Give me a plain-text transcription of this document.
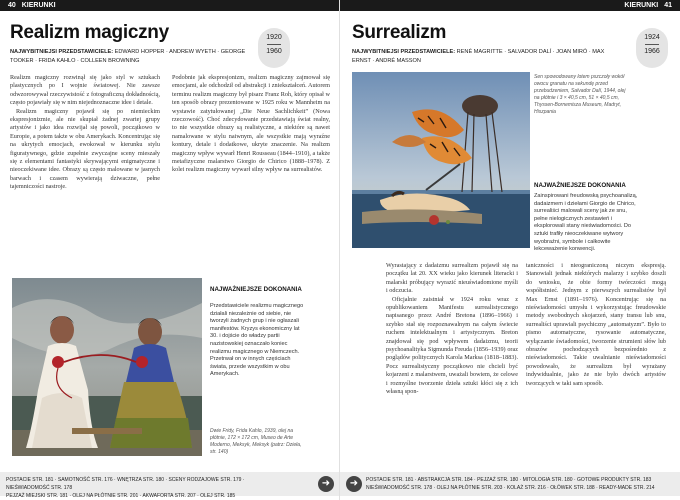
40 KIERUNKI
Realizm magiczny	1920
1960
NAJWYBITNIEJSI PRZEDSTAWICIELE: EDWARD HOPPER · ANDREW WYETH · GEORGE TOOKER · FRIDA KAHLO · COLLEEN BROWNING

Realizm magiczny rozwinął się jako styl w sztukach plastycznych po I wojnie światowej. Nie zawsze odwzorowywał rzeczywistość z fotograficzną dokładnością, często pojawiały się w nim niejednoznaczne idee i detale.

Realizm magiczny pojawił się po niemieckim ekspresjonizmie, ale nie skupiał żadnej zwartej grupy artystów i jako idea rozwijał się powoli, początkowo w Europie, a potem także w obu Amerykach. Koncentrując się na ukrytych emocjach, ewokował w kierunku stylu figuratywnego, gdzie zupełnie zwyczajne sceny mieszały się z elementami fantastyki skrywającymi enigmatyczne i nieoczekiwane idee. Obrazy są często malowane w jasnych barwach i czasem wywierają dziwaczne, pełne tajemniczości nastroje.

Podobnie jak ekspresjonizm, realizm magiczny zajmował się emocjami, ale odchodził od abstrakcji i zniekształceń. Autorem terminu realizm magiczny był pisarz Franz Roh, który opisał w ten sposób obrazy prezentowane w 1925 roku w Mannheim na wystawie zatytułowanej „Die Neue Sachlichkeit” (Nowa rzeczowość). Choć zdecydowanie przedstawiają świat realny, to nie wszystkie obrazy są realistyczne, a niektóre są nawet namalowane w stylu naiwnym, ale wszystkie mają wyraźne kontury, detale i dodatkowe, ukryte znaczenie. Na realizm magiczny wpływ wywarł Henri Rousseau (1844–1910), a także metafizyczne malarstwo Giorgio de Chirico (1888–1978). Z kolei realizm magiczny wywarł silny wpływ na surrealistów.

NAJWAŻNIEJSZE DOKONANIA
Przedstawiciele realizmu magicznego działali niezależnie od siebie, nie tworzyli żadnych grup i nie ogłaszali manifestów. Kryzys ekonomiczny lat 30. i dojście do władzy partii nazistowskiej oznaczało koniec realizmu magicznego w Niemczech. Przetrwał on w innych częściach świata, przede wszystkim w obu Amerykach.
Dwie Fridy, Frida Kahlo, 1939, olej na płótnie, 172 × 172 cm, Museo de Arte Moderno, Meksyk, Meksyk (patrz: Dzieła, str. 140)
POSTACIE STR. 181 · SAMOTNOŚĆ STR. 176 · WNĘTRZA STR. 180 · SCENY RODZAJOWE STR. 179 · NIEŚWIADOMOŚĆ STR. 178
PEJZAŻ MIEJSKI STR. 181 · OLEJ NA PŁÓTNIE STR. 201 · AKWAFORTA STR. 207 · OLEJ STR. 185
➜
KIERUNKI 41
Surrealizm	1924
1966
NAJWYBITNIEJSI PRZEDSTAWICIELE: RENÉ MAGRITTE · SALVADOR DALÍ · JOAN MIRÓ · MAX ERNST · ANDRÉ MASSON
Sen spowodowany lotem pszczoły wokół owocu granatu na sekundę przed przebudzeniem, Salvador Dalí, 1944, olej na płótnie i 3 × 40,5 cm, 51 × 40,5 cm, Thyssen-Bornemisza Museum, Madryt, Hiszpania
NAJWAŻNIEJSZE DOKONANIA
Zainspirowani freudowską psychoanalizą, dadaizmem i dziełami Giorgio de Chirico, surrealiści malowali sceny jak ze snu, pełne nielogicznych zestawień i eksplorowali stany nieświadomości. Do sztuki trafiły nieoczekiwane wytwory wyobraźni, symbole i całkowite lekceważenie konwencji.

Wyrastający z dadaizmu surrealizm pojawił się na początku lat 20. XX wieku jako kierunek literacki i malarski próbujący wyrazić nieuświadomione myśli i odczucia.

Oficjalnie zaistniał w 1924 roku wraz z opublikowaniem Manifestu surrealistycznego napisanego przez André Bretona (1896–1966) i szybko stał się rozpoznawalnym na całym świecie ruchem intelektualnym i artystycznym. Breton znajdował się pod wpływem dadaizmu, teorii psychoanalityka Sigmunda Freuda (1856–1939) oraz poglądów politycznych Karola Marksa (1818–1883). Pocz surrealistyczny początkowo nie chcieli być kojarzeni z malarstwem, uważali bowiem, że celowe i rozmyślne tworzenie dzieła sztuki kłóci się z ich własną spon-

taniczności i nieograniczoną niczym ekspresją. Stanowiali jednak niektórych malarzy i szybko doszli do wniosku, że obie formy twórczości mogą współistnieć. Jednym z pierwszych surrealistów był Max Ernst (1891–1976). Koncentrując się na nieświadomości umysłu i wykorzystując freudowskie metody swobodnych skojarzeń, stany transu lub snu, surrealiści uprawiali psychiczny „automatyzm”. Było to pismo automatyczne, rysowanie automatyczne, wyłączanie świadomości, tworzenie strumieni słów lub obrazów pochodzących bezpośrednio z nieświadomości. Takie uwalnianie nieświadomości powodowało, że surrealizm był wyrażany indywidualnie, jako że nie było dwóch artystów tworzących w taki sam sposób.

POSTACIE STR. 181 · ABSTRAKCJA STR. 184 · PEJZAŻ STR. 180 · MITOLOGIA STR. 180 · GOTOWE PRODUKTY STR. 183
NIEŚWIADOMOŚĆ STR. 178 · OLEJ NA PŁÓTNIE STR. 203 · KOLAŻ STR. 216 · OŁÓWEK STR. 188 · READY-MADE STR. 214
➜
